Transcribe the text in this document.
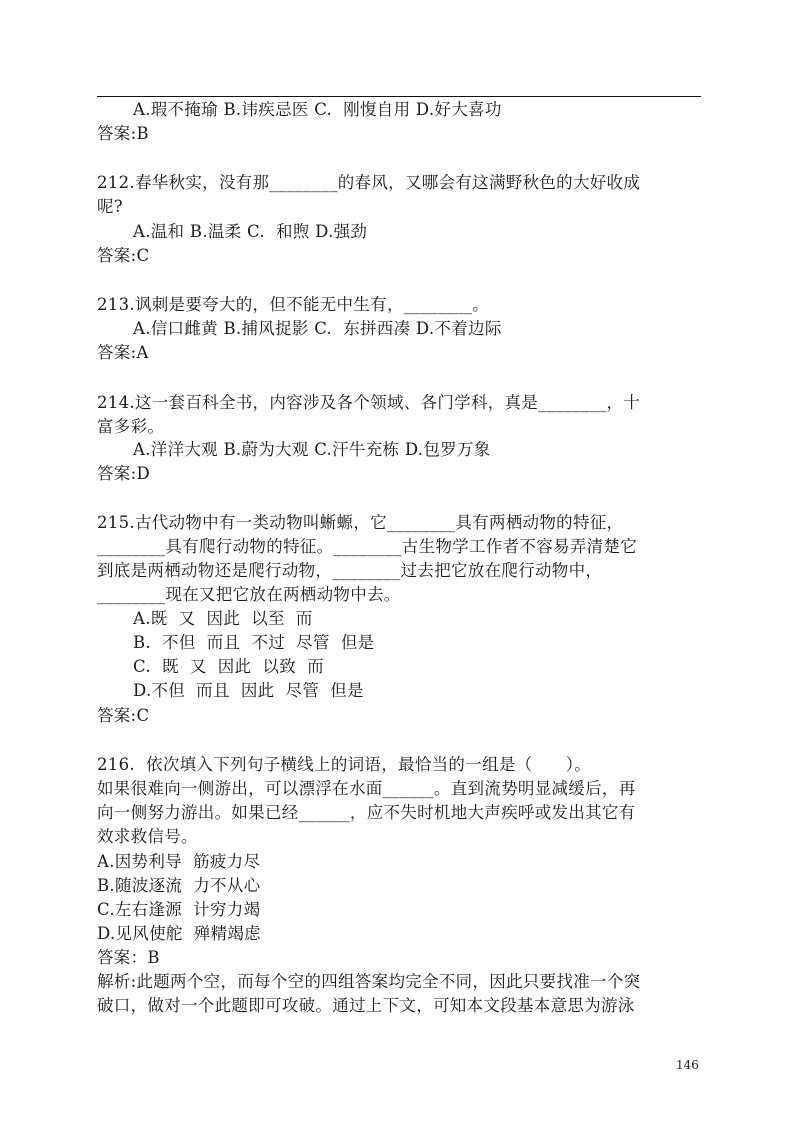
A.瑕不掩瑜 B.讳疾忌医 C.  刚愎自用 D.好大喜功
答案:B
212.春华秋实，没有那________的春风，又哪会有这满野秋色的大好收成
呢?
A.温和 B.温柔 C.  和煦 D.强劲
答案:C
213.讽刺是要夸大的，但不能无中生有，________。
A.信口雌黄 B.捕风捉影 C.  东拼西凑 D.不着边际
答案:A
214.这一套百科全书，内容涉及各个领域、各门学科，真是________，十
富多彩。
A.洋洋大观 B.蔚为大观 C.汗牛充栋 D.包罗万象
答案:D
215.古代动物中有一类动物叫蜥螈，它________具有两栖动物的特征，
________具有爬行动物的特征。________古生物学工作者不容易弄清楚它
到底是两栖动物还是爬行动物，________过去把它放在爬行动物中，
________现在又把它放在两栖动物中去。
A.既  又  因此  以至  而
B.  不但  而且  不过  尽管  但是
C.  既  又  因此  以致  而
D.不但  而且  因此  尽管  但是
答案:C
216.  依次填入下列句子横线上的词语，最恰当的一组是（      ）。
如果很难向一侧游出，可以漂浮在水面______。直到流势明显减缓后，再
向一侧努力游出。如果已经______，应不失时机地大声疾呼或发出其它有
效求救信号。
A.因势利导  筋疲力尽
B.随波逐流  力不从心
C.左右逢源  计穷力竭
D.见风使舵  殚精竭虑
答案：B
解析:此题两个空，而每个空的四组答案均完全不同，因此只要找准一个突
破口，做对一个此题即可攻破。通过上下文，可知本文段基本意思为游泳
146
